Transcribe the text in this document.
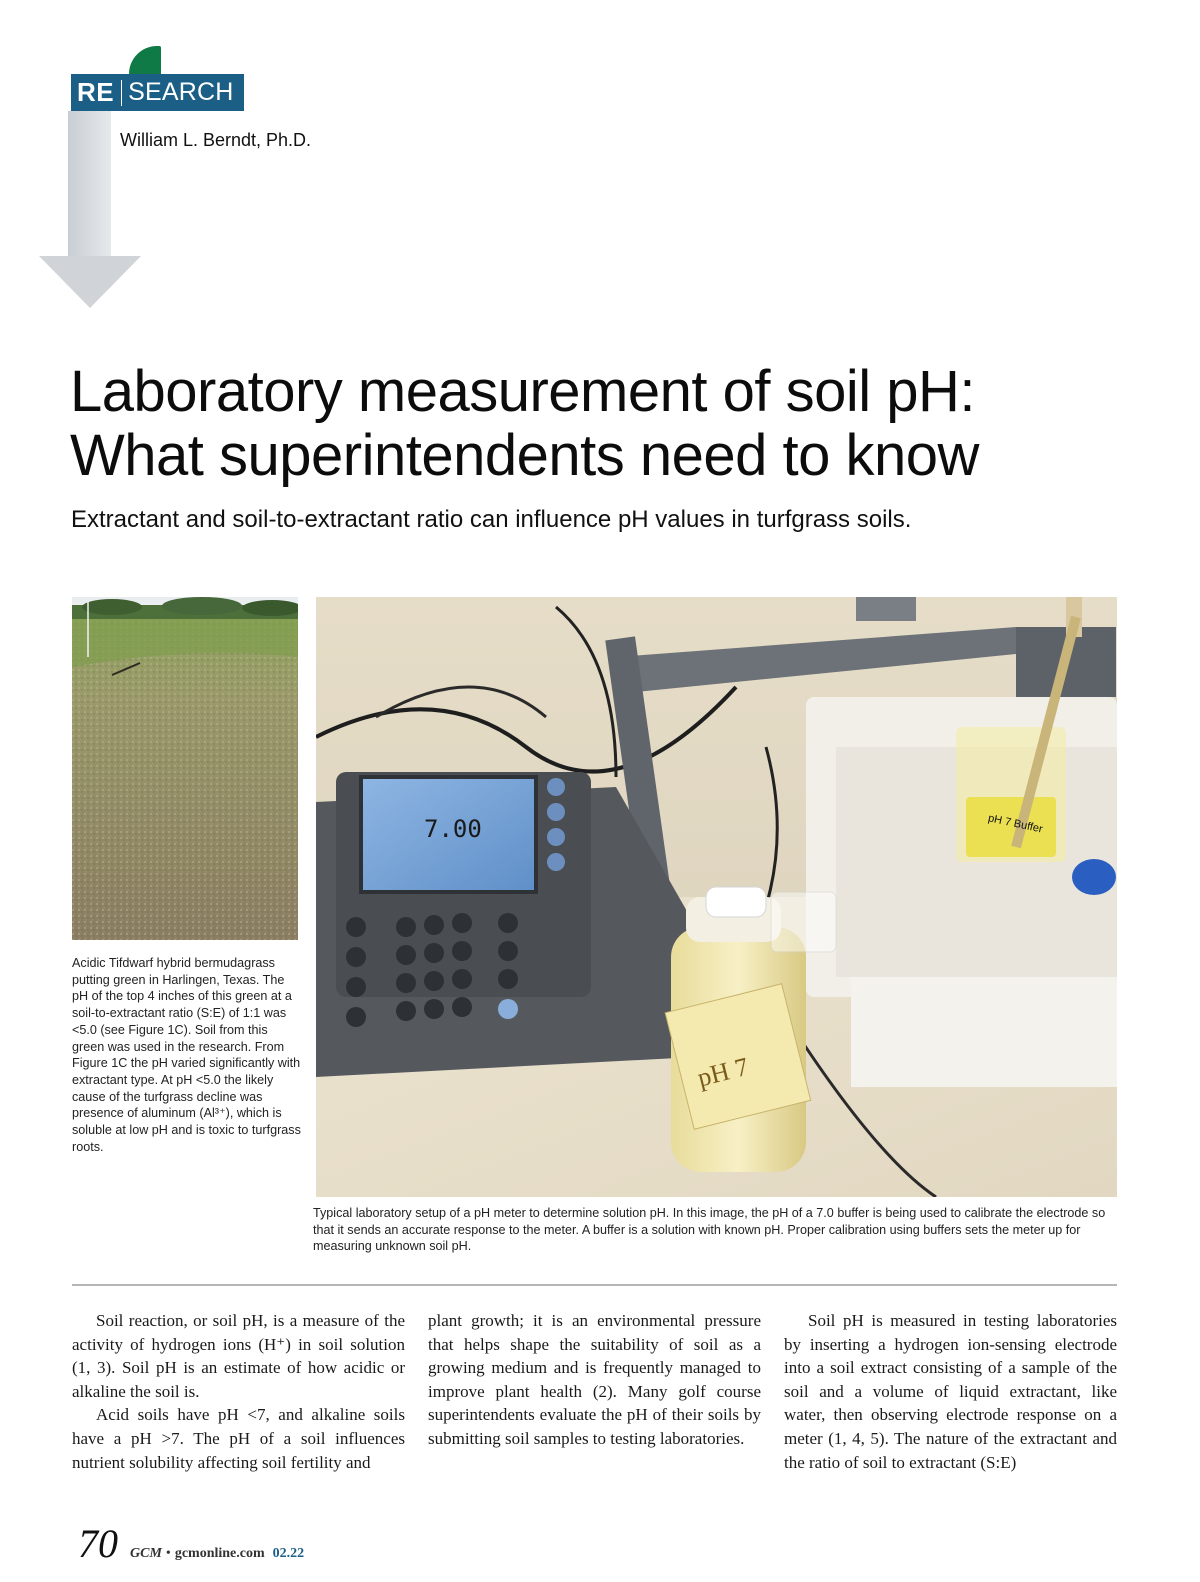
RE SEARCH
William L. Berndt, Ph.D.
Laboratory measurement of soil pH:
What superintendents need to know
Extractant and soil-to-extractant ratio can influence pH values in turfgrass soils.
pH 7 Buffer
7.00
pH 7
Acidic Tifdwarf hybrid bermudagrass putting green in Harlingen, Texas. The pH of the top 4 inches of this green at a soil-to-extractant ratio (S:E) of 1:1 was <5.0 (see Figure 1C). Soil from this green was used in the research. From Figure 1C the pH varied significantly with extractant type. At pH <5.0 the likely cause of the turfgrass decline was presence of aluminum (Al³⁺), which is soluble at low pH and is toxic to turfgrass roots.
Typical laboratory setup of a pH meter to determine solution pH. In this image, the pH of a 7.0 buffer is being used to calibrate the electrode so that it sends an accurate response to the meter. A buffer is a solution with known pH. Proper calibration using buffers sets the meter up for measuring unknown soil pH.

Soil reaction, or soil pH, is a measure of the activity of hydrogen ions (H⁺) in soil solution (1, 3). Soil pH is an estimate of how acidic or alkaline the soil is.

Acid soils have pH <7, and alkaline soils have a pH >7. The pH of a soil influences nutrient solubility affecting soil fertility and

plant growth; it is an environmental pressure that helps shape the suitability of soil as a growing medium and is frequently managed to improve plant health (2). Many golf course superintendents evaluate the pH of their soils by submitting soil samples to testing laboratories.

Soil pH is measured in testing laboratories by inserting a hydrogen ion-sensing electrode into a soil extract consisting of a sample of the soil and a volume of liquid extractant, like water, then observing electrode response on a meter (1, 4, 5). The nature of the extractant and the ratio of soil to extractant (S:E)

70 GCM • gcmonline.com 02.22
